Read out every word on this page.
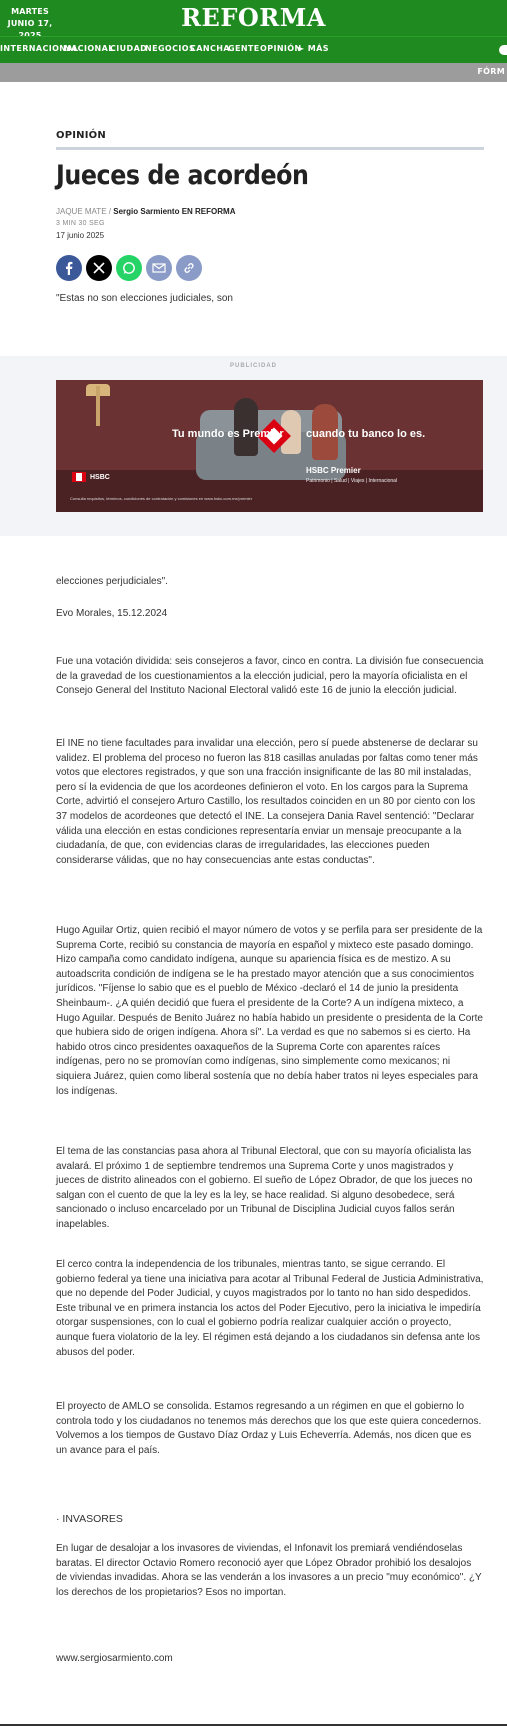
MARTES
JUNIO 17,	REFORMA
INTERNACIONAL
NACIONAL
CIUDAD
NEGOCIOS
CANCHA
GENTE OPINIÓN
► MÁS
FÓRM
OPINIÓN
Jueces de acordeón
JAQUE MATE / Sergio Sarmiento EN REFORMA
3 MIN 30 SEG
17 junio 2025
"Estas no son elecciones judiciales, son
PUBLICIDAD
Tu mundo es Premier cuando tu banco lo es.
HSBC
HSBC Premier
Patrimonio | Salud | Viajes | Internacional
Consulta requisitos, términos, condiciones de contratación y comisiones en www.hsbc.com.mx/premier
elecciones perjudiciales".
Evo Morales, 15.12.2024
Fue una votación dividida: seis consejeros a favor, cinco en contra. La división fue consecuencia de la gravedad de los cuestionamientos a la elección judicial, pero la mayoría oficialista en el Consejo General del Instituto Nacional Electoral validó este 16 de junio la elección judicial.
El INE no tiene facultades para invalidar una elección, pero sí puede abstenerse de declarar su validez. El problema del proceso no fueron las 818 casillas anuladas por faltas como tener más votos que electores registrados, y que son una fracción insignificante de las 80 mil instaladas, pero sí la evidencia de que los acordeones definieron el voto. En los cargos para la Suprema Corte, advirtió el consejero Arturo Castillo, los resultados coinciden en un 80 por ciento con los 37 modelos de acordeones que detectó el INE. La consejera Dania Ravel sentenció: "Declarar válida una elección en estas condiciones representaría enviar un mensaje preocupante a la ciudadanía, de que, con evidencias claras de irregularidades, las elecciones pueden considerarse válidas, que no hay consecuencias ante estas conductas".
Hugo Aguilar Ortiz, quien recibió el mayor número de votos y se perfila para ser presidente de la Suprema Corte, recibió su constancia de mayoría en español y mixteco este pasado domingo. Hizo campaña como candidato indígena, aunque su apariencia física es de mestizo. A su autoadscrita condición de indígena se le ha prestado mayor atención que a sus conocimientos jurídicos. "Fíjense lo sabio que es el pueblo de México -declaró el 14 de junio la presidenta Sheinbaum-. ¿A quién decidió que fuera el presidente de la Corte? A un indígena mixteco, a Hugo Aguilar. Después de Benito Juárez no había habido un presidente o presidenta de la Corte que hubiera sido de origen indígena. Ahora sí". La verdad es que no sabemos si es cierto. Ha habido otros cinco presidentes oaxaqueños de la Suprema Corte con aparentes raíces indígenas, pero no se promovían como indígenas, sino simplemente como mexicanos; ni siquiera Juárez, quien como liberal sostenía que no debía haber tratos ni leyes especiales para los indígenas.
El tema de las constancias pasa ahora al Tribunal Electoral, que con su mayoría oficialista las avalará. El próximo 1 de septiembre tendremos una Suprema Corte y unos magistrados y jueces de distrito alineados con el gobierno. El sueño de López Obrador, de que los jueces no salgan con el cuento de que la ley es la ley, se hace realidad. Si alguno desobedece, será sancionado o incluso encarcelado por un Tribunal de Disciplina Judicial cuyos fallos serán inapelables.
El cerco contra la independencia de los tribunales, mientras tanto, se sigue cerrando. El gobierno federal ya tiene una iniciativa para acotar al Tribunal Federal de Justicia Administrativa, que no depende del Poder Judicial, y cuyos magistrados por lo tanto no han sido despedidos. Este tribunal ve en primera instancia los actos del Poder Ejecutivo, pero la iniciativa le impediría otorgar suspensiones, con lo cual el gobierno podría realizar cualquier acción o proyecto, aunque fuera violatorio de la ley. El régimen está dejando a los ciudadanos sin defensa ante los abusos del poder.
El proyecto de AMLO se consolida. Estamos regresando a un régimen en que el gobierno lo controla todo y los ciudadanos no tenemos más derechos que los que este quiera concedernos. Volvemos a los tiempos de Gustavo Díaz Ordaz y Luis Echeverría. Además, nos dicen que es un avance para el país.
· INVASORES
En lugar de desalojar a los invasores de viviendas, el Infonavit los premiará vendiéndoselas baratas. El director Octavio Romero reconoció ayer que López Obrador prohibió los desalojos de viviendas invadidas. Ahora se las venderán a los invasores a un precio "muy económico". ¿Y los derechos de los propietarios? Esos no importan.
www.sergiosarmiento.com
